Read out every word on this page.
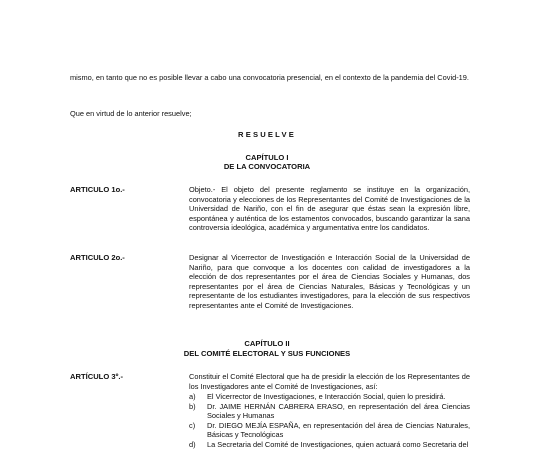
mismo, en tanto que no es posible llevar a cabo una convocatoria presencial, en el contexto de la pandemia del Covid-19.

Que en virtud de lo anterior resuelve;

RESUELVE

CAPÍTULO I

DE LA CONVOCATORIA

ARTICULO 1o.-	Objeto.- El objeto del presente reglamento se instituye en la organización, convocatoria y elecciones de los Representantes del Comité de Investigaciones de la Universidad de Nariño, con el fin de asegurar que éstas sean la expresión libre, espontánea y auténtica de los estamentos convocados, buscando garantizar la sana controversia ideológica, académica y argumentativa entre los candidatos.

ARTICULO 2o.-	Designar al Vicerrector de Investigación e Interacción Social de la Universidad de Nariño, para que convoque a los docentes con calidad de investigadores a la elección de dos representantes por el área de Ciencias Sociales y Humanas, dos representantes por el área de Ciencias Naturales, Básicas y Tecnológicas y un representante de los estudiantes investigadores, para la elección de sus respectivos representantes ante el Comité de Investigaciones.

CAPÍTULO II

DEL COMITÉ ELECTORAL Y SUS FUNCIONES

ARTÍCULO 3º.-	Constituir el Comité Electoral que ha de presidir la elección de los Representantes de los Investigadores ante el Comité de Investigaciones, así:

a) El Vicerrector de Investigaciones, e Interacción Social, quien lo presidirá.
b) Dr. JAIME HERNÁN CABRERA ERASO, en representación del área Ciencias Sociales y Humanas
c) Dr. DIEGO MEJÍA ESPAÑA, en representación del área de Ciencias Naturales, Básicas y Tecnológicas
d) La Secretaria del Comité de Investigaciones, quien actuará como Secretaria del
